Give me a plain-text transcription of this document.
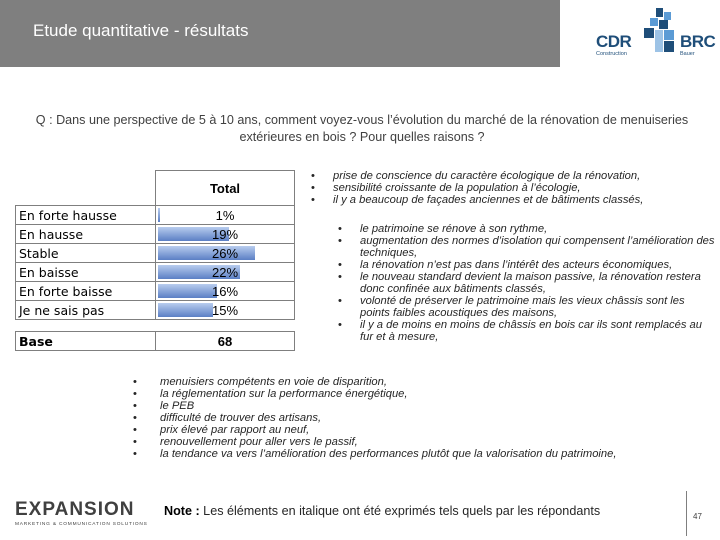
Etude quantitative - résultats
CDR
Construction
BRC
Bauer
Q : Dans une perspective de 5 à 10 ans, comment voyez-vous l’évolution du marché de la rénovation de menuiseries extérieures en bois ? Pour quelles raisons ?
	Total
En forte hausse	1%
En hausse	19%
Stable	26%
En baisse	22%
En forte baisse	16%
Je ne sais pas	15%

Base	68
• prise de conscience du caractère écologique de la rénovation,
• sensibilité croissante de la population à l’écologie,
• il y a beaucoup de façades anciennes et de bâtiments classés,
• le patrimoine se rénove à son rythme,
• augmentation des normes d’isolation qui compensent l’amélioration des techniques,
• la rénovation n’est pas dans l’intérêt des acteurs économiques,
• le nouveau standard devient la maison passive, la rénovation restera donc confinée aux bâtiments classés,
• volonté de préserver le patrimoine mais les vieux châssis sont les points faibles acoustiques des maisons,
• il y a de moins en moins de châssis en bois car ils sont remplacés au fur et à mesure,
• menuisiers compétents en voie de disparition,
• la réglementation sur la performance énergétique,
• le PEB
• difficulté de trouver des artisans,
• prix élevé par rapport au neuf,
• renouvellement pour aller vers le passif,
• la tendance va vers l’amélioration des performances plutôt que la valorisation du patrimoine,
EXPANSION
MARKETING & COMMUNICATION SOLUTIONS
Note : Les éléments en italique ont été exprimés tels quels par les répondants	47
